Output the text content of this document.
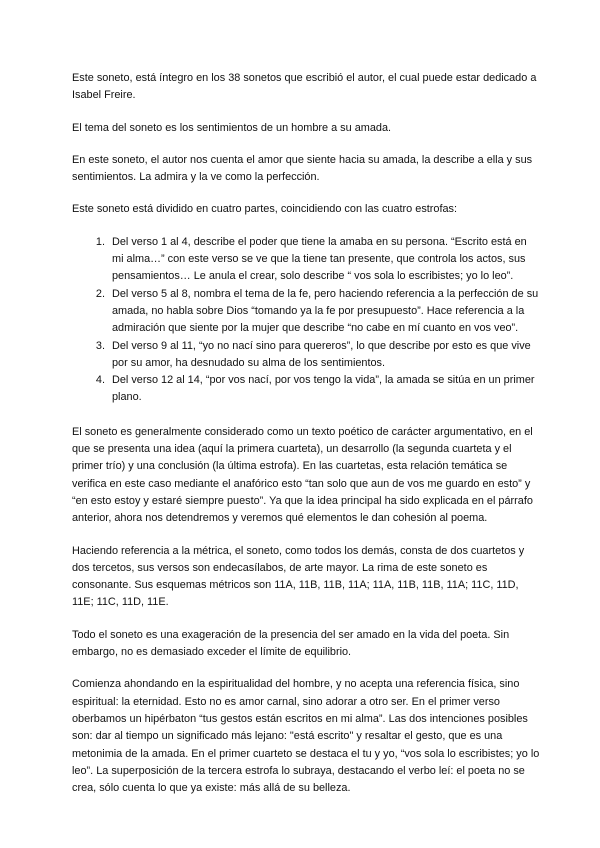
Este soneto, está íntegro en los 38 sonetos que escribió el autor, el cual puede estar dedicado a Isabel Freire.

El tema del soneto es los sentimientos de un hombre a su amada.

En este soneto, el autor nos cuenta el amor que siente hacia su amada, la describe a ella y sus sentimientos. La admira y la ve como la perfección.

Este soneto está dividido en cuatro partes, coincidiendo con las cuatro estrofas:

1. Del verso 1 al 4, describe el poder que tiene la amaba en su persona. “Escrito está en mi alma…” con este verso se ve que la tiene tan presente, que controla los actos, sus pensamientos… Le anula el crear, solo describe “ vos sola lo escribistes; yo lo leo”.
2. Del verso 5 al 8, nombra el tema de la fe, pero haciendo referencia a la perfección de su amada, no habla sobre Dios “tomando ya la fe por presupuesto”. Hace referencia a la admiración que siente por la mujer que describe “no cabe en mí cuanto en vos veo”.
3. Del verso 9 al 11, “yo no nací sino para quereros”, lo que describe por esto es que vive por su amor, ha desnudado su alma de los sentimientos.
4. Del verso 12 al 14, “por vos nací, por vos tengo la vida”, la amada se sitúa en un primer plano.

El soneto es generalmente considerado como un texto poético de carácter argumentativo, en el que se presenta una idea (aquí la primera cuarteta), un desarrollo (la segunda cuarteta y el primer trío) y una conclusión (la última estrofa). En las cuartetas, esta relación temática se verifica en este caso mediante el anafórico esto “tan solo que aun de vos me guardo en esto” y “en esto estoy y estaré siempre puesto”. Ya que la idea principal ha sido explicada en el párrafo anterior, ahora nos detendremos y veremos qué elementos le dan cohesión al poema.

Haciendo referencia a la métrica, el soneto, como todos los demás, consta de dos cuartetos y dos tercetos, sus versos son endecasílabos, de arte mayor. La rima de este soneto es consonante. Sus esquemas métricos son 11A, 11B, 11B, 11A; 11A, 11B, 11B, 11A; 11C, 11D, 11E; 11C, 11D, 11E.

Todo el soneto es una exageración de la presencia del ser amado en la vida del poeta. Sin embargo, no es demasiado exceder el límite de equilibrio.

Comienza ahondando en la espiritualidad del hombre, y no acepta una referencia física, sino espiritual: la eternidad. Esto no es amor carnal, sino adorar a otro ser. En el primer verso oberbamos un hipérbaton “tus gestos están escritos en mi alma”. Las dos intenciones posibles son: dar al tiempo un significado más lejano: "está escrito" y resaltar el gesto, que es una metonimia de la amada. En el primer cuarteto se destaca el tu y yo, “vos sola lo escribistes; yo lo leo”. La superposición de la tercera estrofa lo subraya, destacando el verbo leí: el poeta no se crea, sólo cuenta lo que ya existe: más allá de su belleza.
